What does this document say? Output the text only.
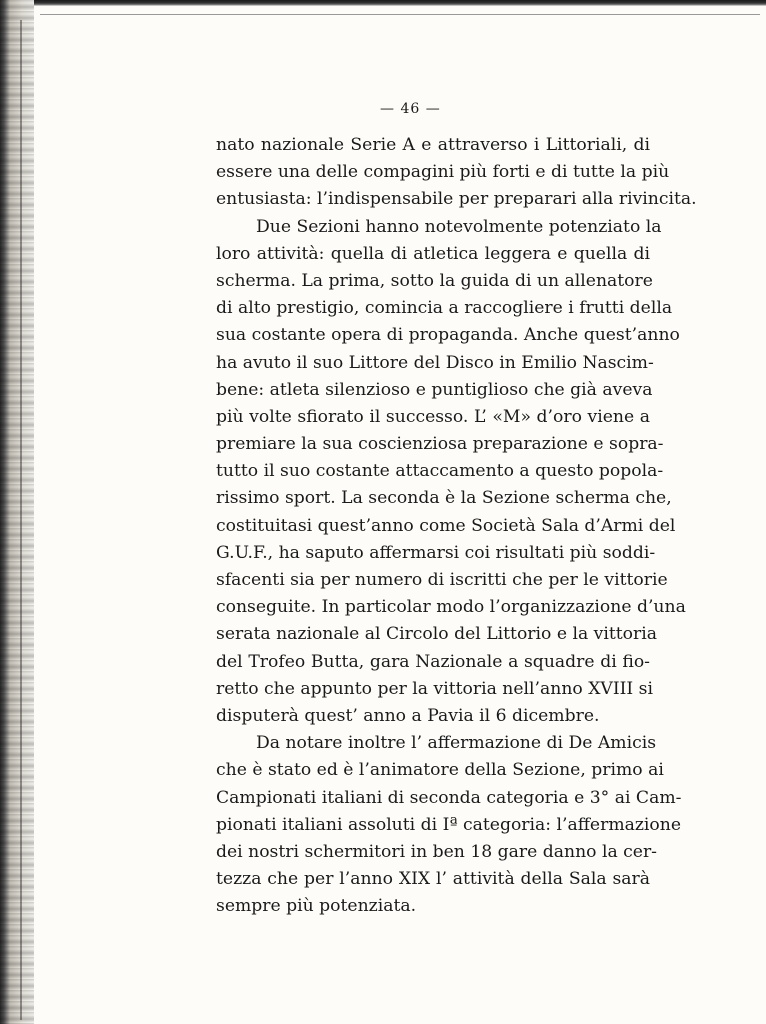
— 46 —
nato nazionale Serie A e attraverso i Littoriali, di
essere una delle compagini più forti e di tutte la più
entusiasta: l’indispensabile per preparari alla rivincita.
Due Sezioni hanno notevolmente potenziato la
loro attività: quella di atletica leggera e quella di
scherma. La prima, sotto la guida di un allenatore
di alto prestigio, comincia a raccogliere i frutti della
sua costante opera di propaganda. Anche quest’anno
ha avuto il suo Littore del Disco in Emilio Nascim-
bene: atleta silenzioso e puntiglioso che già aveva
più volte sfiorato il successo. L’ «M» d’oro viene a
premiare la sua coscienziosa preparazione e sopra-
tutto il suo costante attaccamento a questo popola-
rissimo sport. La seconda è la Sezione scherma che,
costituitasi quest’anno come Società Sala d’Armi del
G.U.F., ha saputo affermarsi coi risultati più soddi-
sfacenti sia per numero di iscritti che per le vittorie
conseguite. In particolar modo l’organizzazione d’una
serata nazionale al Circolo del Littorio e la vittoria
del Trofeo Butta, gara Nazionale a squadre di fio-
retto che appunto per la vittoria nell’anno XVIII si
disputerà quest’ anno a Pavia il 6 dicembre.
Da notare inoltre l’ affermazione di De Amicis
che è stato ed è l’animatore della Sezione, primo ai
Campionati italiani di seconda categoria e 3° ai Cam-
pionati italiani assoluti di Iª categoria: l’affermazione
dei nostri schermitori in ben 18 gare danno la cer-
tezza che per l’anno XIX l’ attività della Sala sarà
sempre più potenziata.
